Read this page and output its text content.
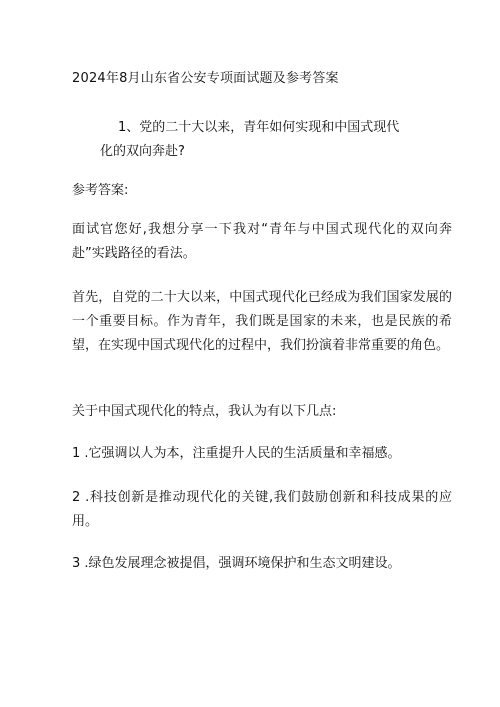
2024年8月山东省公安专项面试题及参考答案
1、党的二十大以来，青年如何实现和中国式现代
化的双向奔赴?
参考答案:

面试官您好,我想分享一下我对“青年与中国式现代化的双向奔赴”实践路径的看法。

首先，自党的二十大以来，中国式现代化已经成为我们国家发展的一个重要目标。作为青年，我们既是国家的未来，也是民族的希望，在实现中国式现代化的过程中，我们扮演着非常重要的角色。

关于中国式现代化的特点，我认为有以下几点:

1 .它强调以人为本，注重提升人民的生活质量和幸福感。

2 .科技创新是推动现代化的关键,我们鼓励创新和科技成果的应用。

3 .绿色发展理念被提倡，强调环境保护和生态文明建设。
